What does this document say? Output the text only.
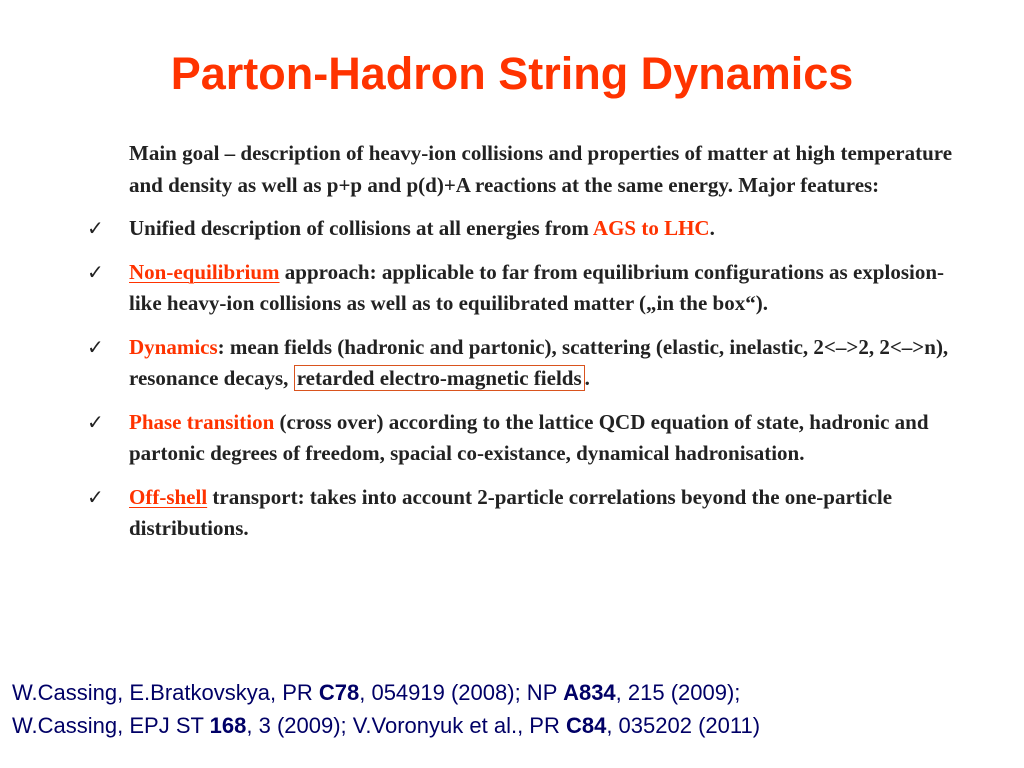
Parton-Hadron String Dynamics

Main goal – description of heavy-ion collisions and properties of matter at high temperature and density as well as p+p and p(d)+A reactions at the same energy. Major features:

✓ Unified description of collisions at all energies from AGS to LHC.
✓ Non-equilibrium approach: applicable to far from equilibrium configurations as explosion-like heavy-ion collisions as well as to equilibrated matter („in the box“).
✓ Dynamics: mean fields (hadronic and partonic), scattering (elastic, inelastic, 2<–>2, 2<–>n), resonance decays, retarded electro-magnetic fields .
✓ Phase transition (cross over) according to the lattice QCD equation of state, hadronic and partonic degrees of freedom, spacial co-existance, dynamical hadronisation.
✓ Off-shell transport: takes into account 2-particle correlations beyond the one-particle distributions.
W.Cassing, E.Bratkovskya, PR C78, 054919 (2008); NP A834, 215 (2009);
W.Cassing, EPJ ST 168, 3 (2009); V.Voronyuk et al., PR C84, 035202 (2011)
